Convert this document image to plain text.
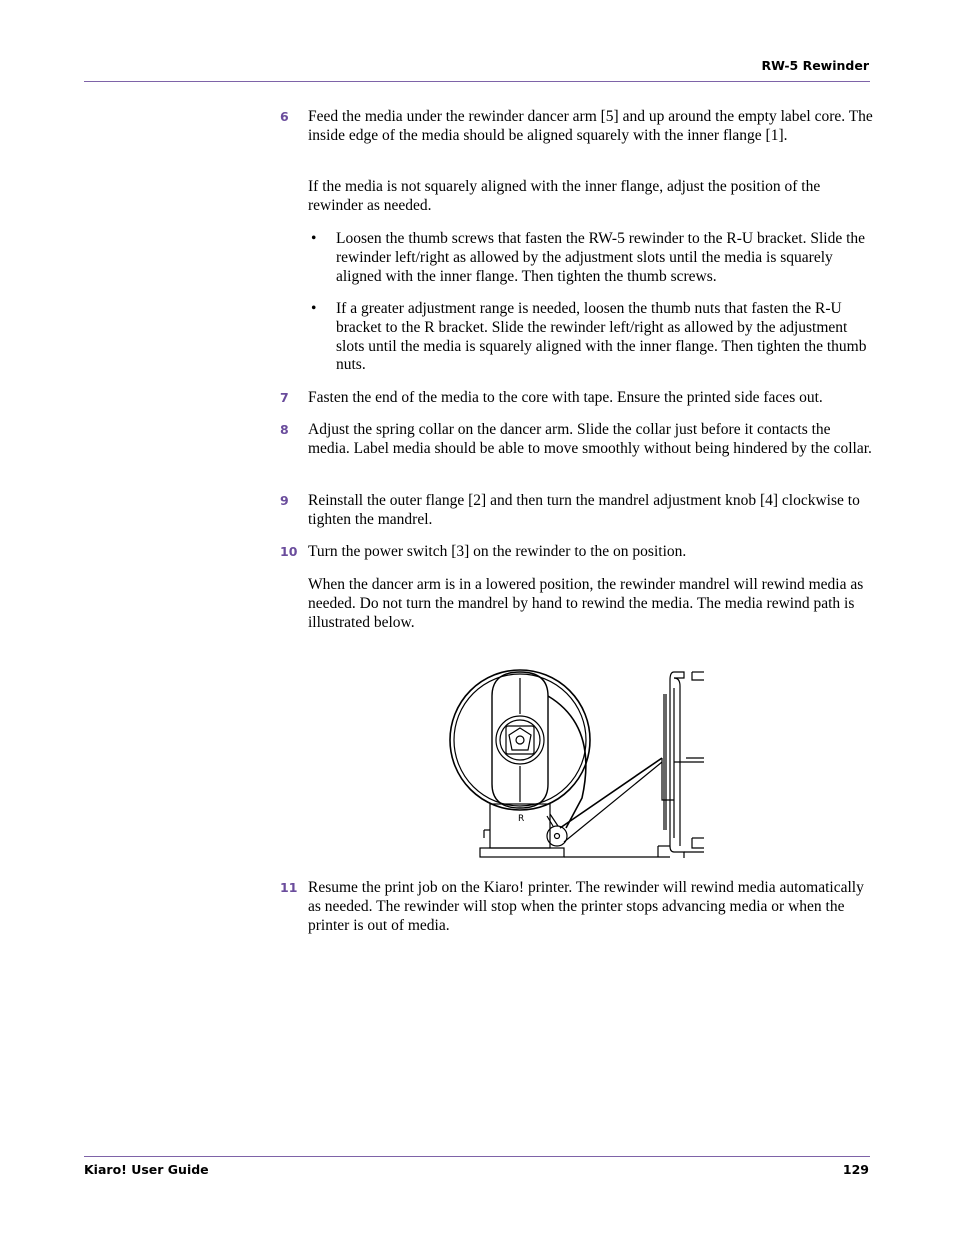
RW-5 Rewinder
6 Feed the media under the rewinder dancer arm [5] and up around the empty label core. The inside edge of the media should be aligned squarely with the inner flange [1].

If the media is not squarely aligned with the inner flange, adjust the position of the rewinder as needed.

• Loosen the thumb screws that fasten the RW-5 rewinder to the R-U bracket. Slide the rewinder left/right as allowed by the adjustment slots until the media is squarely aligned with the inner flange. Then tighten the thumb screws.

• If a greater adjustment range is needed, loosen the thumb nuts that fasten the R-U bracket to the R bracket. Slide the rewinder left/right as allowed by the adjustment slots until the media is squarely aligned with the inner flange. Then tighten the thumb nuts.

7 Fasten the end of the media to the core with tape. Ensure the printed side faces out.

8 Adjust the spring collar on the dancer arm. Slide the collar just before it contacts the media. Label media should be able to move smoothly without being hindered by the collar.

9 Reinstall the outer flange [2] and then turn the mandrel adjustment knob [4] clockwise to tighten the mandrel.

10 Turn the power switch [3] on the rewinder to the on position.

When the dancer arm is in a lowered position, the rewinder mandrel will rewind media as needed. Do not turn the mandrel by hand to rewind the media. The media rewind path is illustrated below.

R
11 Resume the print job on the Kiaro! printer. The rewinder will rewind media automatically as needed. The rewinder will stop when the printer stops advancing media or when the printer is out of media.

Kiaro! User Guide	129
